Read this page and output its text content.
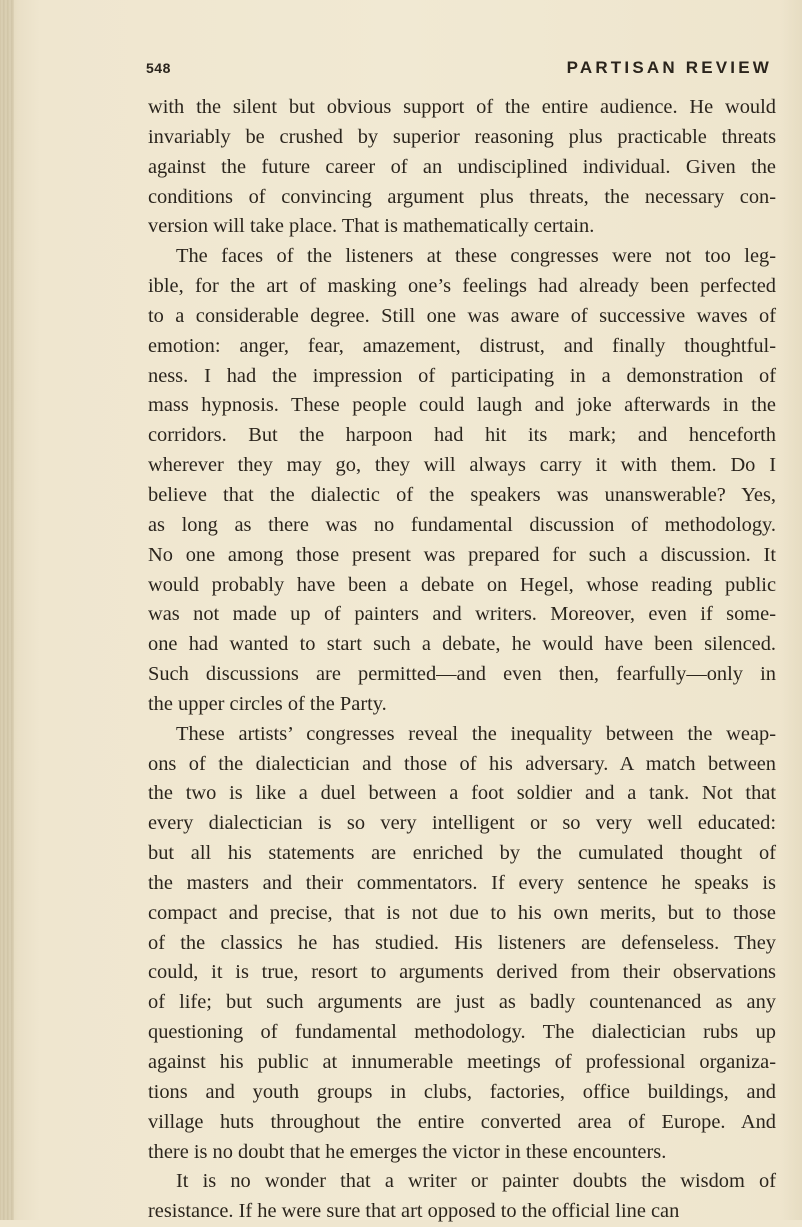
548	PARTISAN REVIEW

with the silent but obvious support of the entire audience. He would
invariably be crushed by superior reasoning plus practicable threats
against the future career of an undisciplined individual. Given the
conditions of convincing argument plus threats, the necessary con-
version will take place. That is mathematically certain.

The faces of the listeners at these congresses were not too leg-
ible, for the art of masking one’s feelings had already been perfected
to a considerable degree. Still one was aware of successive waves of
emotion: anger, fear, amazement, distrust, and finally thoughtful-
ness. I had the impression of participating in a demonstration of
mass hypnosis. These people could laugh and joke afterwards in the
corridors. But the harpoon had hit its mark; and henceforth
wherever they may go, they will always carry it with them. Do I
believe that the dialectic of the speakers was unanswerable? Yes,
as long as there was no fundamental discussion of methodology.
No one among those present was prepared for such a discussion. It
would probably have been a debate on Hegel, whose reading public
was not made up of painters and writers. Moreover, even if some-
one had wanted to start such a debate, he would have been silenced.
Such discussions are permitted—and even then, fearfully—only in
the upper circles of the Party.

These artists’ congresses reveal the inequality between the weap-
ons of the dialectician and those of his adversary. A match between
the two is like a duel between a foot soldier and a tank. Not that
every dialectician is so very intelligent or so very well educated:
but all his statements are enriched by the cumulated thought of
the masters and their commentators. If every sentence he speaks is
compact and precise, that is not due to his own merits, but to those
of the classics he has studied. His listeners are defenseless. They
could, it is true, resort to arguments derived from their observations
of life; but such arguments are just as badly countenanced as any
questioning of fundamental methodology. The dialectician rubs up
against his public at innumerable meetings of professional organiza-
tions and youth groups in clubs, factories, office buildings, and
village huts throughout the entire converted area of Europe. And
there is no doubt that he emerges the victor in these encounters.

It is no wonder that a writer or painter doubts the wisdom of
resistance. If he were sure that art opposed to the official line can
